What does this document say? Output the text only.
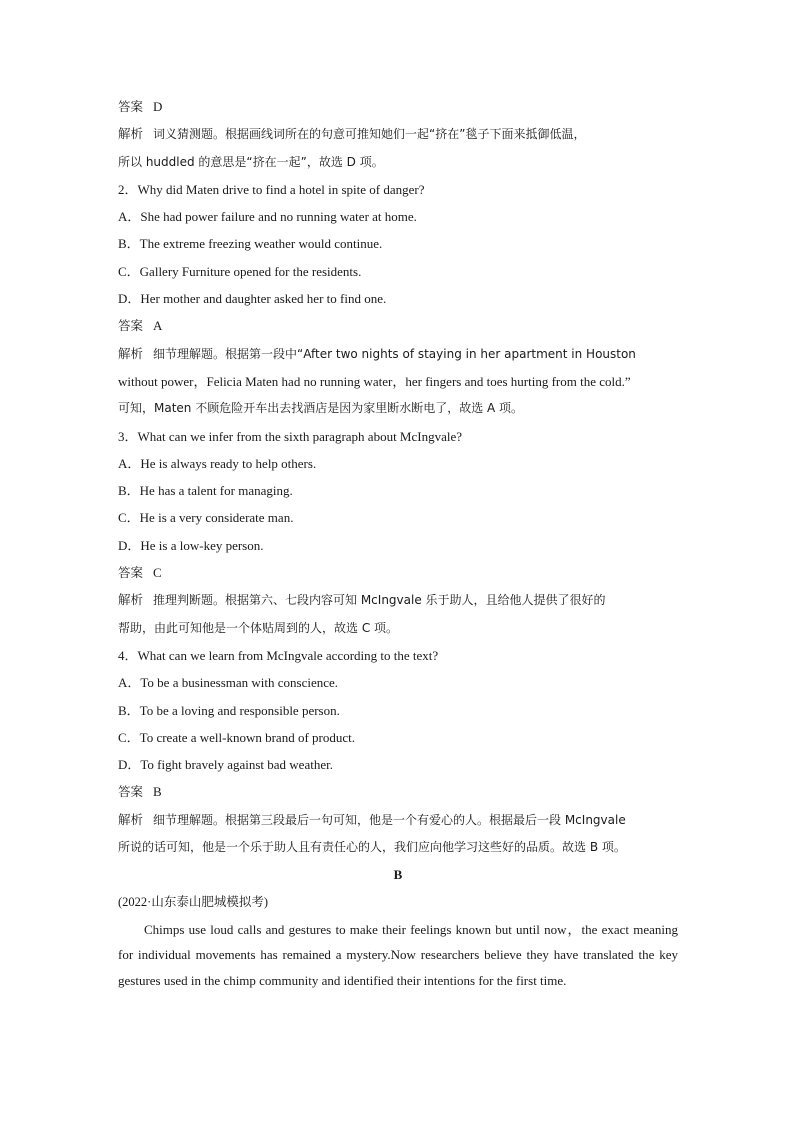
答案 D
解析 词义猜测题。根据画线词所在的句意可推知她们一起“挤在”毯子下面来抵御低温，
所以 huddled 的意思是“挤在一起”，故选 D 项。
2．Why did Maten drive to find a hotel in spite of danger?
A．She had power failure and no running water at home.
B．The extreme freezing weather would continue.
C．Gallery Furniture opened for the residents.
D．Her mother and daughter asked her to find one.
答案 A
解析 细节理解题。根据第一段中“After two nights of staying in her apartment in Houston
without power，Felicia Maten had no running water，her fingers and toes hurting from the cold.”
可知，Maten 不顾危险开车出去找酒店是因为家里断水断电了，故选 A 项。
3．What can we infer from the sixth paragraph about McIngvale?
A．He is always ready to help others.
B．He has a talent for managing.
C．He is a very considerate man.
D．He is a low-key person.
答案 C
解析 推理判断题。根据第六、七段内容可知 McIngvale 乐于助人，且给他人提供了很好的
帮助，由此可知他是一个体贴周到的人，故选 C 项。
4．What can we learn from McIngvale according to the text?
A．To be a businessman with conscience.
B．To be a loving and responsible person.
C．To create a well-known brand of product.
D．To fight bravely against bad weather.
答案 B
解析 细节理解题。根据第三段最后一句可知，他是一个有爱心的人。根据最后一段 McIngvale
所说的话可知，他是一个乐于助人且有责任心的人，我们应向他学习这些好的品质。故选 B 项。
B
(2022·山东泰山肥城模拟考)
Chimps use loud calls and gestures to make their feelings known but until now，the exact meaning for individual movements has remained a mystery.Now researchers believe they have translated the key gestures used in the chimp community and identified their intentions for the first time.
